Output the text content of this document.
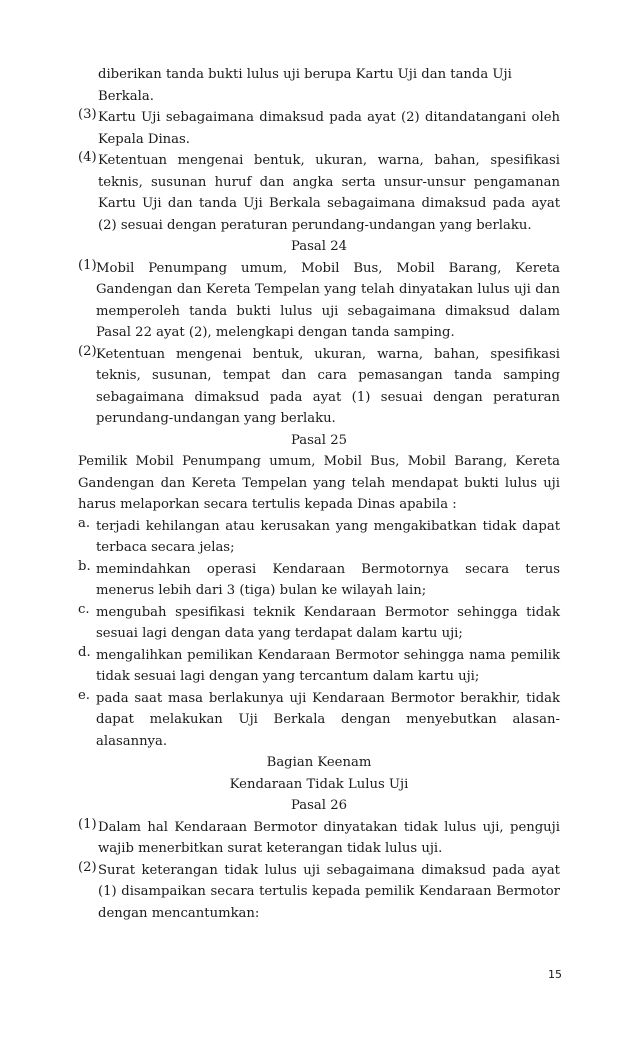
diberikan tanda bukti lulus uji berupa Kartu Uji dan tanda Uji Berkala.
(3) Kartu Uji sebagaimana dimaksud pada ayat (2) ditandatangani oleh Kepala Dinas.
(4) Ketentuan mengenai bentuk, ukuran, warna, bahan, spesifikasi teknis, susunan huruf dan angka serta unsur-unsur pengamanan Kartu Uji dan tanda Uji Berkala sebagaimana dimaksud pada ayat (2) sesuai dengan peraturan perundang-undangan yang berlaku.
Pasal 24
(1) Mobil Penumpang umum, Mobil Bus, Mobil Barang, Kereta Gandengan dan Kereta Tempelan yang telah dinyatakan lulus uji dan memperoleh tanda bukti lulus uji sebagaimana dimaksud dalam Pasal 22 ayat (2), melengkapi dengan tanda samping.
(2) Ketentuan mengenai bentuk, ukuran, warna, bahan, spesifikasi teknis, susunan, tempat dan cara pemasangan tanda samping sebagaimana dimaksud pada ayat (1) sesuai dengan peraturan perundang-undangan yang berlaku.
Pasal 25
Pemilik Mobil Penumpang umum, Mobil Bus, Mobil Barang, Kereta Gandengan dan Kereta Tempelan yang telah mendapat bukti lulus uji harus melaporkan secara tertulis kepada Dinas apabila :
a. terjadi kehilangan atau kerusakan yang mengakibatkan tidak dapat terbaca secara jelas;
b. memindahkan operasi Kendaraan Bermotornya secara terus menerus lebih dari 3 (tiga) bulan ke wilayah lain;
c. mengubah spesifikasi teknik Kendaraan Bermotor sehingga tidak sesuai lagi dengan data yang terdapat dalam kartu uji;
d. mengalihkan pemilikan Kendaraan Bermotor sehingga nama pemilik tidak sesuai lagi dengan yang tercantum dalam kartu uji;
e. pada saat masa berlakunya uji Kendaraan Bermotor berakhir, tidak dapat melakukan Uji Berkala dengan menyebutkan alasan-alasannya.
Bagian Keenam
Kendaraan Tidak Lulus Uji
Pasal 26
(1) Dalam hal Kendaraan Bermotor dinyatakan tidak lulus uji, penguji wajib menerbitkan surat keterangan tidak lulus uji.
(2) Surat keterangan tidak lulus uji sebagaimana dimaksud pada ayat (1) disampaikan secara tertulis kepada pemilik Kendaraan Bermotor dengan mencantumkan:
15
